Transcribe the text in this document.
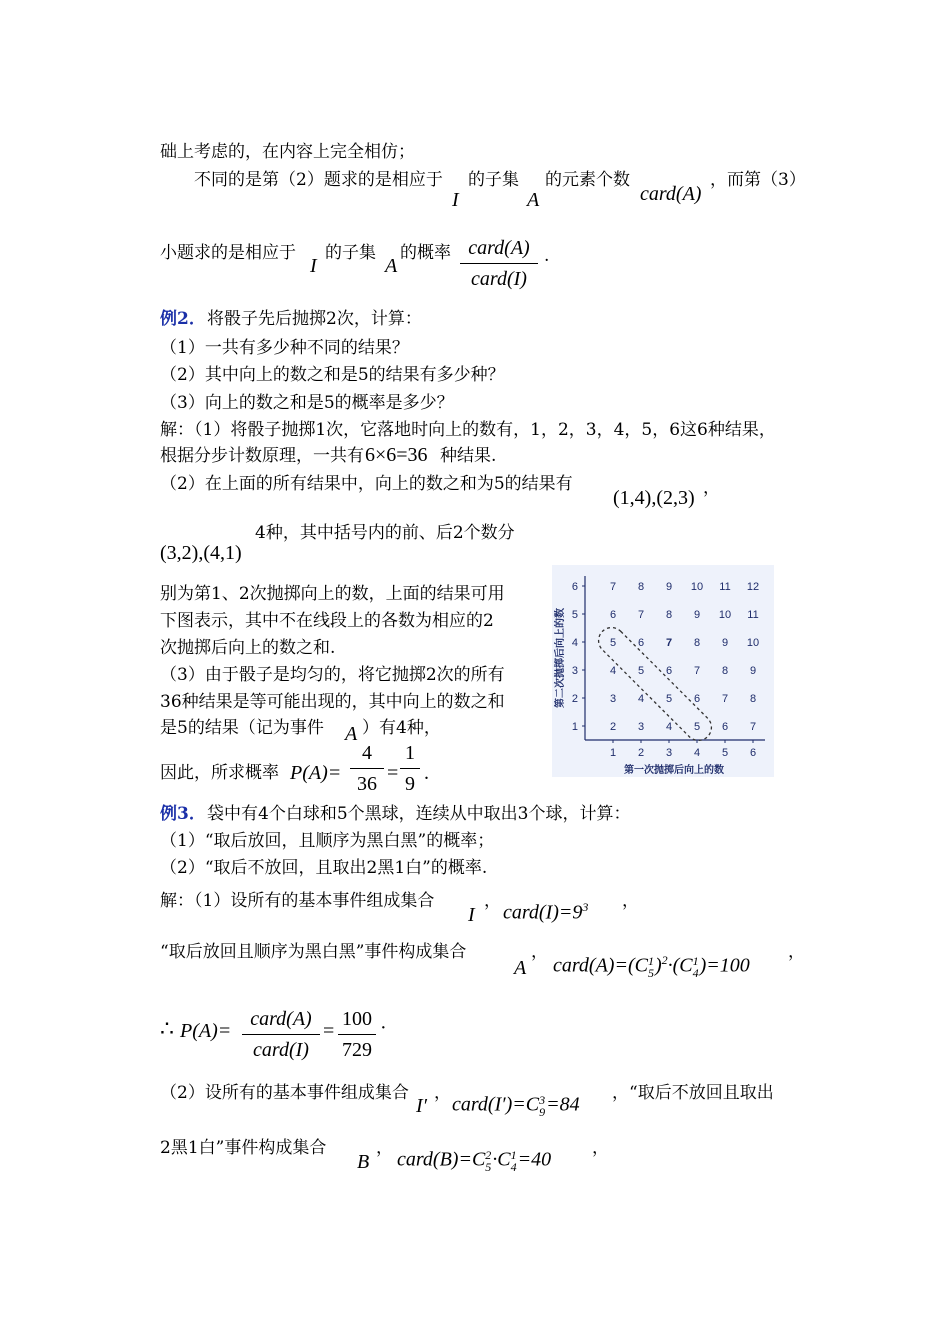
础上考虑的，在内容上完全相仿；
不同的是第（2）题求的是相应于
I
的子集
A
的元素个数
card(A)
，而第（3）
小题求的是相应于
I
的子集
A
的概率 card(A)
card(I)
.
例2． 将骰子先后抛掷2次，计算：
（1）一共有多少种不同的结果？
（2）其中向上的数之和是5的结果有多少种？
（3）向上的数之和是5的概率是多少？
解：（1）将骰子抛掷1次，它落地时向上的数有，1，2，3，4，5，6这6种结果，
根据分步计数原理，一共有 6×6=36 种结果.
（2）在上面的所有结果中，向上的数之和为5的结果有
(1,4),(2,3) ，
(3,2),(4,1)
4种，其中括号内的前、后2个数分
别为第1、2次抛掷向上的数，上面的结果可用
下图表示，其中不在线段上的各数为相应的2
次抛掷后向上的数之和.
（3）由于骰子是均匀的，将它抛掷2次的所有
36种结果是等可能出现的，其中向上的数之和
是5的结果（记为事件 A ）有4种，
因此，所求概率 $P(A)= \frac{4}{36} = \frac{1}{9}$ .
1
2
3
4
5
6
1 2 3 4 5 6
2 3 4 5 6 7
3 4 5 6 7 8
4 5 6 7 8 9
5 6 7 8 9 10
6 7 8 9 10 11
7 8 9 10 11 12
第一次抛掷后向上的数
第二次抛掷后向上的数
例3． 袋中有4个白球和5个黑球，连续从中取出3个球，计算：
（1）“取后放回，且顺序为黑白黑”的概率；
（2）“取后不放回，且取出2黑1白”的概率.
解：（1）设所有的基本事件组成集合
I
，
$card(I)=9^3$ ，
“取后放回且顺序为黑白黑”事件构成集合
A
，
card(A)=(C 1
5 )$^2$·(C 1
4 )=100
，
∴ P(A)=
card(A)
card(I)
= $\frac{100}{729}$ ·
（2）设所有的基本事件组成集合
I′
，
card(I′)=C 3
9 =84
，“取后不放回且取出
2黑1白”事件构成集合
B
，
card(B)=C 2
5 ·C 1
4 =40
，
